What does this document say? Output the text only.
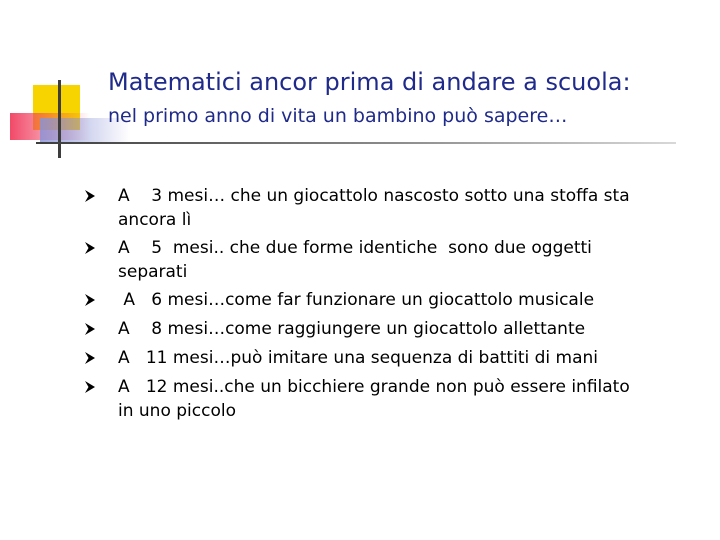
Matematici ancor prima di andare a scuola:
nel primo anno di vita un bambino può sapere…
A    3 mesi… che un giocattolo nascosto sotto una stoffa sta ancora lì
A    5  mesi.. che due forme identiche  sono due oggetti separati
A   6 mesi…come far funzionare un giocattolo musicale
A    8 mesi…come raggiungere un giocattolo allettante
A   11 mesi…può imitare una sequenza di battiti di mani
A   12 mesi..che un bicchiere grande non può essere infilato in uno piccolo
